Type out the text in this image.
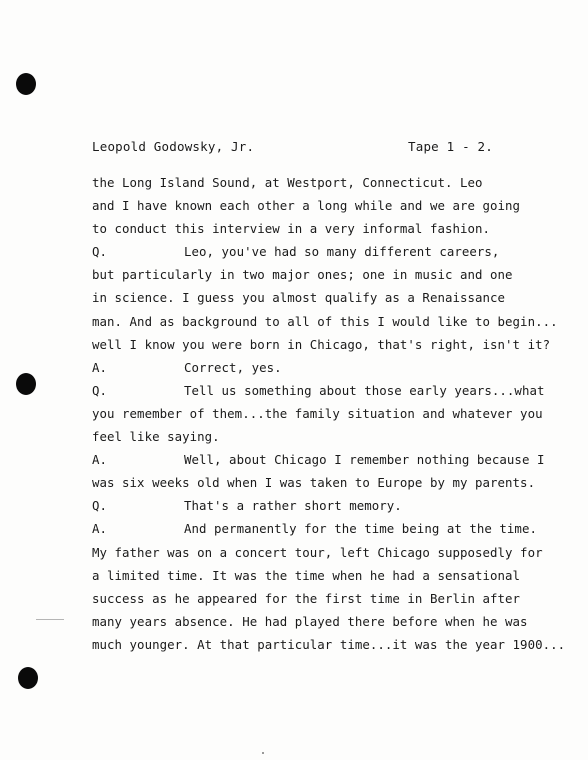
Leopold Godowsky, Jr.	Tape 1 - 2.
the Long Island Sound, at Westport, Connecticut. Leo
and I have known each other a long while and we are going
to conduct this interview in a very informal fashion.
Q.	Leo, you've had so many different careers,
but particularly in two major ones; one in music and one
in science. I guess you almost qualify as a Renaissance
man. And as background to all of this I would like to begin...
well I know you were born in Chicago, that's right, isn't it?
A.	Correct, yes.
Q.	Tell us something about those early years...what
you remember of them...the family situation and whatever you
feel like saying.
A.	Well, about Chicago I remember nothing because I
was six weeks old when I was taken to Europe by my parents.
Q.	That's a rather short memory.
A.	And permanently for the time being at the time.
My father was on a concert tour, left Chicago supposedly for
a limited time. It was the time when he had a sensational
success as he appeared for the first time in Berlin after
many years absence. He had played there before when he was
much younger. At that particular time...it was the year 1900...
